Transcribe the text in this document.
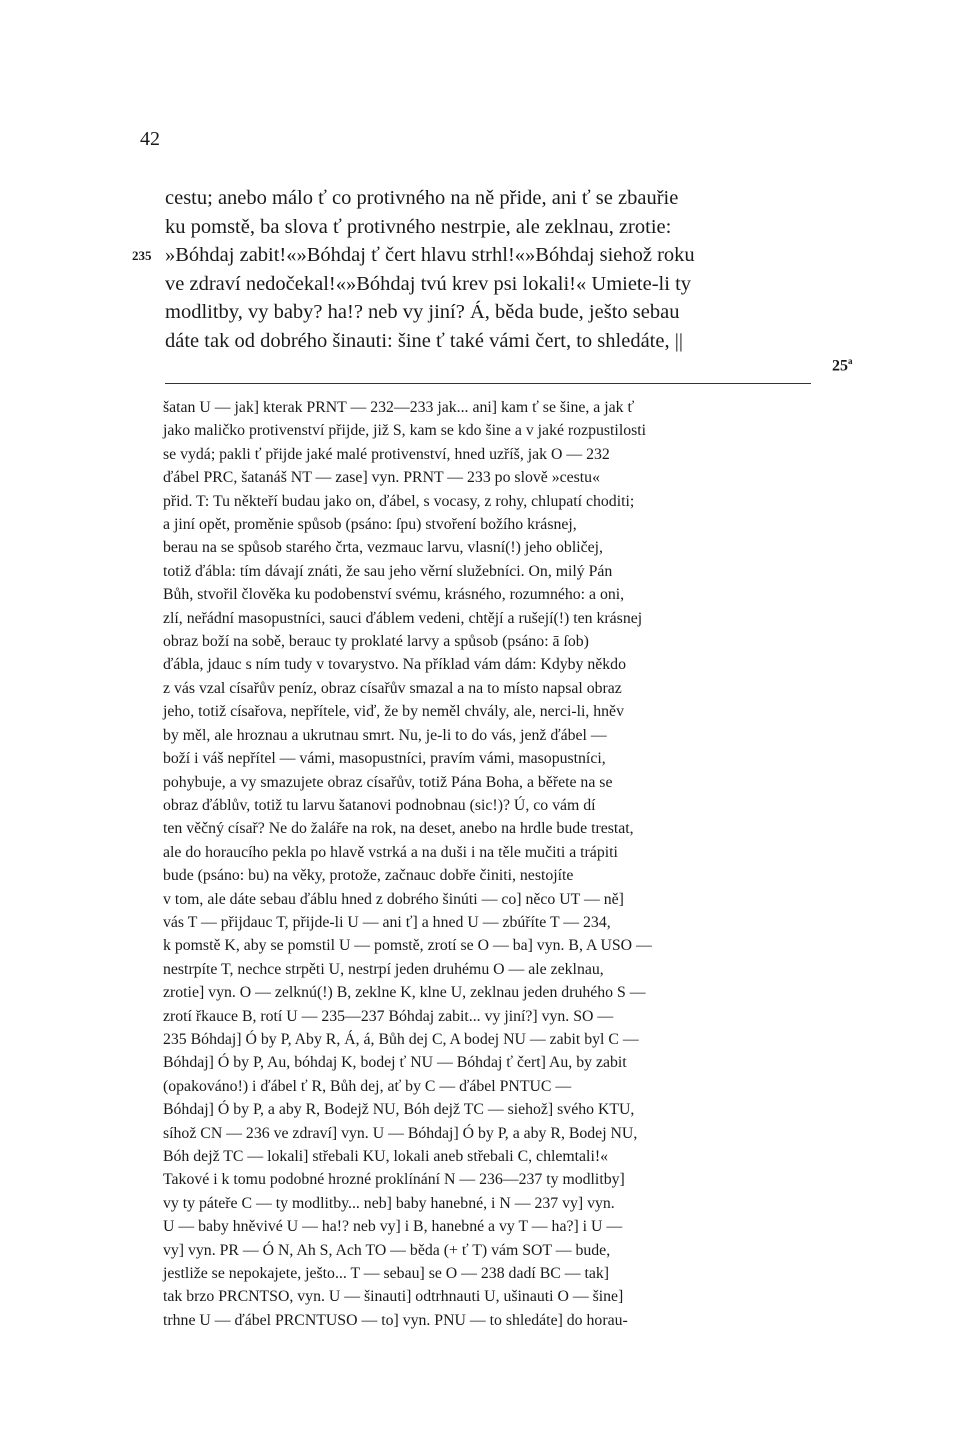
42
cestu; anebo málo ť co protivného na ně přide, ani ť se zbauřie
ku pomstě, ba slova ť protivného nestrpie, ale zeklnau, zrotie:
235 »Bóhdaj zabit!«»Bóhdaj ť čert hlavu strhl!«»Bóhdaj siehož roku
ve zdraví nedočekal!«»Bóhdaj tvú krev psi lokali!« Umiete-li ty
modlitby, vy baby? ha!? neb vy jiní? Á, běda bude, ješto sebau
dáte tak od dobrého šinauti: šine ť také vámi čert, to shledáte, ||
25$^a$
šatan U — jak] kterak PRNT — 232—233 jak... ani] kam ť se šine, a jak ť
jako maličko protivenství přijde, již S, kam se kdo šine a v jaké rozpustilosti
se vydá; pakli ť přijde jaké malé protivenství, hned uzříš, jak O — 232
ďábel PRC, šatanáš NT — zase] vyn. PRNT — 233 po slově »cestu«
přid. T: Tu někteří budau jako on, ďábel, s vocasy, z rohy, chlupatí choditi;
a jiní opět, proměnie spůsob (psáno: ſpu) stvoření božího krásnej,
berau na se spůsob starého črta, vezmauc larvu, vlasní(!) jeho obličej,
totiž ďábla: tím dávají znáti, že sau jeho věrní služebníci. On, milý Pán
Bůh, stvořil člověka ku podobenství svému, krásného, rozumného: a oni,
zlí, neřádní masopustníci, sauci ďáblem vedeni, chtějí a rušejí(!) ten krásnej
obraz boží na sobě, berauc ty proklaté larvy a spůsob (psáno: ā ſob)
ďábla, jdauc s ním tudy v tovarystvo. Na příklad vám dám: Kdyby někdo
z vás vzal císařův peníz, obraz císařův smazal a na to místo napsal obraz
jeho, totiž císařova, nepřítele, viď, že by neměl chvály, ale, nerci-li, hněv
by měl, ale hroznau a ukrutnau smrt. Nu, je-li to do vás, jenž ďábel —
boží i váš nepřítel — vámi, masopustníci, pravím vámi, masopustníci,
pohybuje, a vy smazujete obraz císařův, totiž Pána Boha, a běřete na se
obraz ďáblův, totiž tu larvu šatanovi podnobnau (sic!)? Ú, co vám dí
ten věčný císař? Ne do žaláře na rok, na deset, anebo na hrdle bude trestat,
ale do horaucího pekla po hlavě vstrká a na duši i na těle mučiti a trápiti
bude (psáno: bu) na věky, protože, začnauc dobře činiti, nestojíte
v tom, ale dáte sebau ďáblu hned z dobrého šinúti — co] něco UT — ně]
vás T — přijdauc T, přijde-li U — ani ť] a hned U — zbúříte T — 234,
k pomstě K, aby se pomstil U — pomstě, zrotí se O — ba] vyn. B, A USO —
nestrpíte T, nechce strpěti U, nestrpí jeden druhému O — ale zeklnau,
zrotie] vyn. O — zelknú(!) B, zeklne K, klne U, zeklnau jeden druhého S —
zrotí řkauce B, rotí U — 235—237 Bóhdaj zabit... vy jiní?] vyn. SO —
235 Bóhdaj] Ó by P, Aby R, Á, á, Bůh dej C, A bodej NU — zabit byl C —
Bóhdaj] Ó by P, Au, bóhdaj K, bodej ť NU — Bóhdaj ť čert] Au, by zabit
(opakováno!) i ďábel ť R, Bůh dej, ať by C — ďábel PNTUC —
Bóhdaj] Ó by P, a aby R, Bodejž NU, Bóh dejž TC — siehož] svého KTU,
síhož CN — 236 ve zdraví] vyn. U — Bóhdaj] Ó by P, a aby R, Bodej NU,
Bóh dejž TC — lokali] střebali KU, lokali aneb střebali C, chlemtali!«
Takové i k tomu podobné hrozné proklínání N — 236—237 ty modlitby]
vy ty páteře C — ty modlitby... neb] baby hanebné, i N — 237 vy] vyn.
U — baby hněvivé U — ha!? neb vy] i B, hanebné a vy T — ha?] i U —
vy] vyn. PR — Ó N, Ah S, Ach TO — běda (+ ť T) vám SOT — bude,
jestliže se nepokajete, ješto... T — sebau] se O — 238 dadí BC — tak]
tak brzo PRCNTSO, vyn. U — šinauti] odtrhnauti U, ušinauti O — šine]
trhne U — ďábel PRCNTUSO — to] vyn. PNU — to shledáte] do horau-
